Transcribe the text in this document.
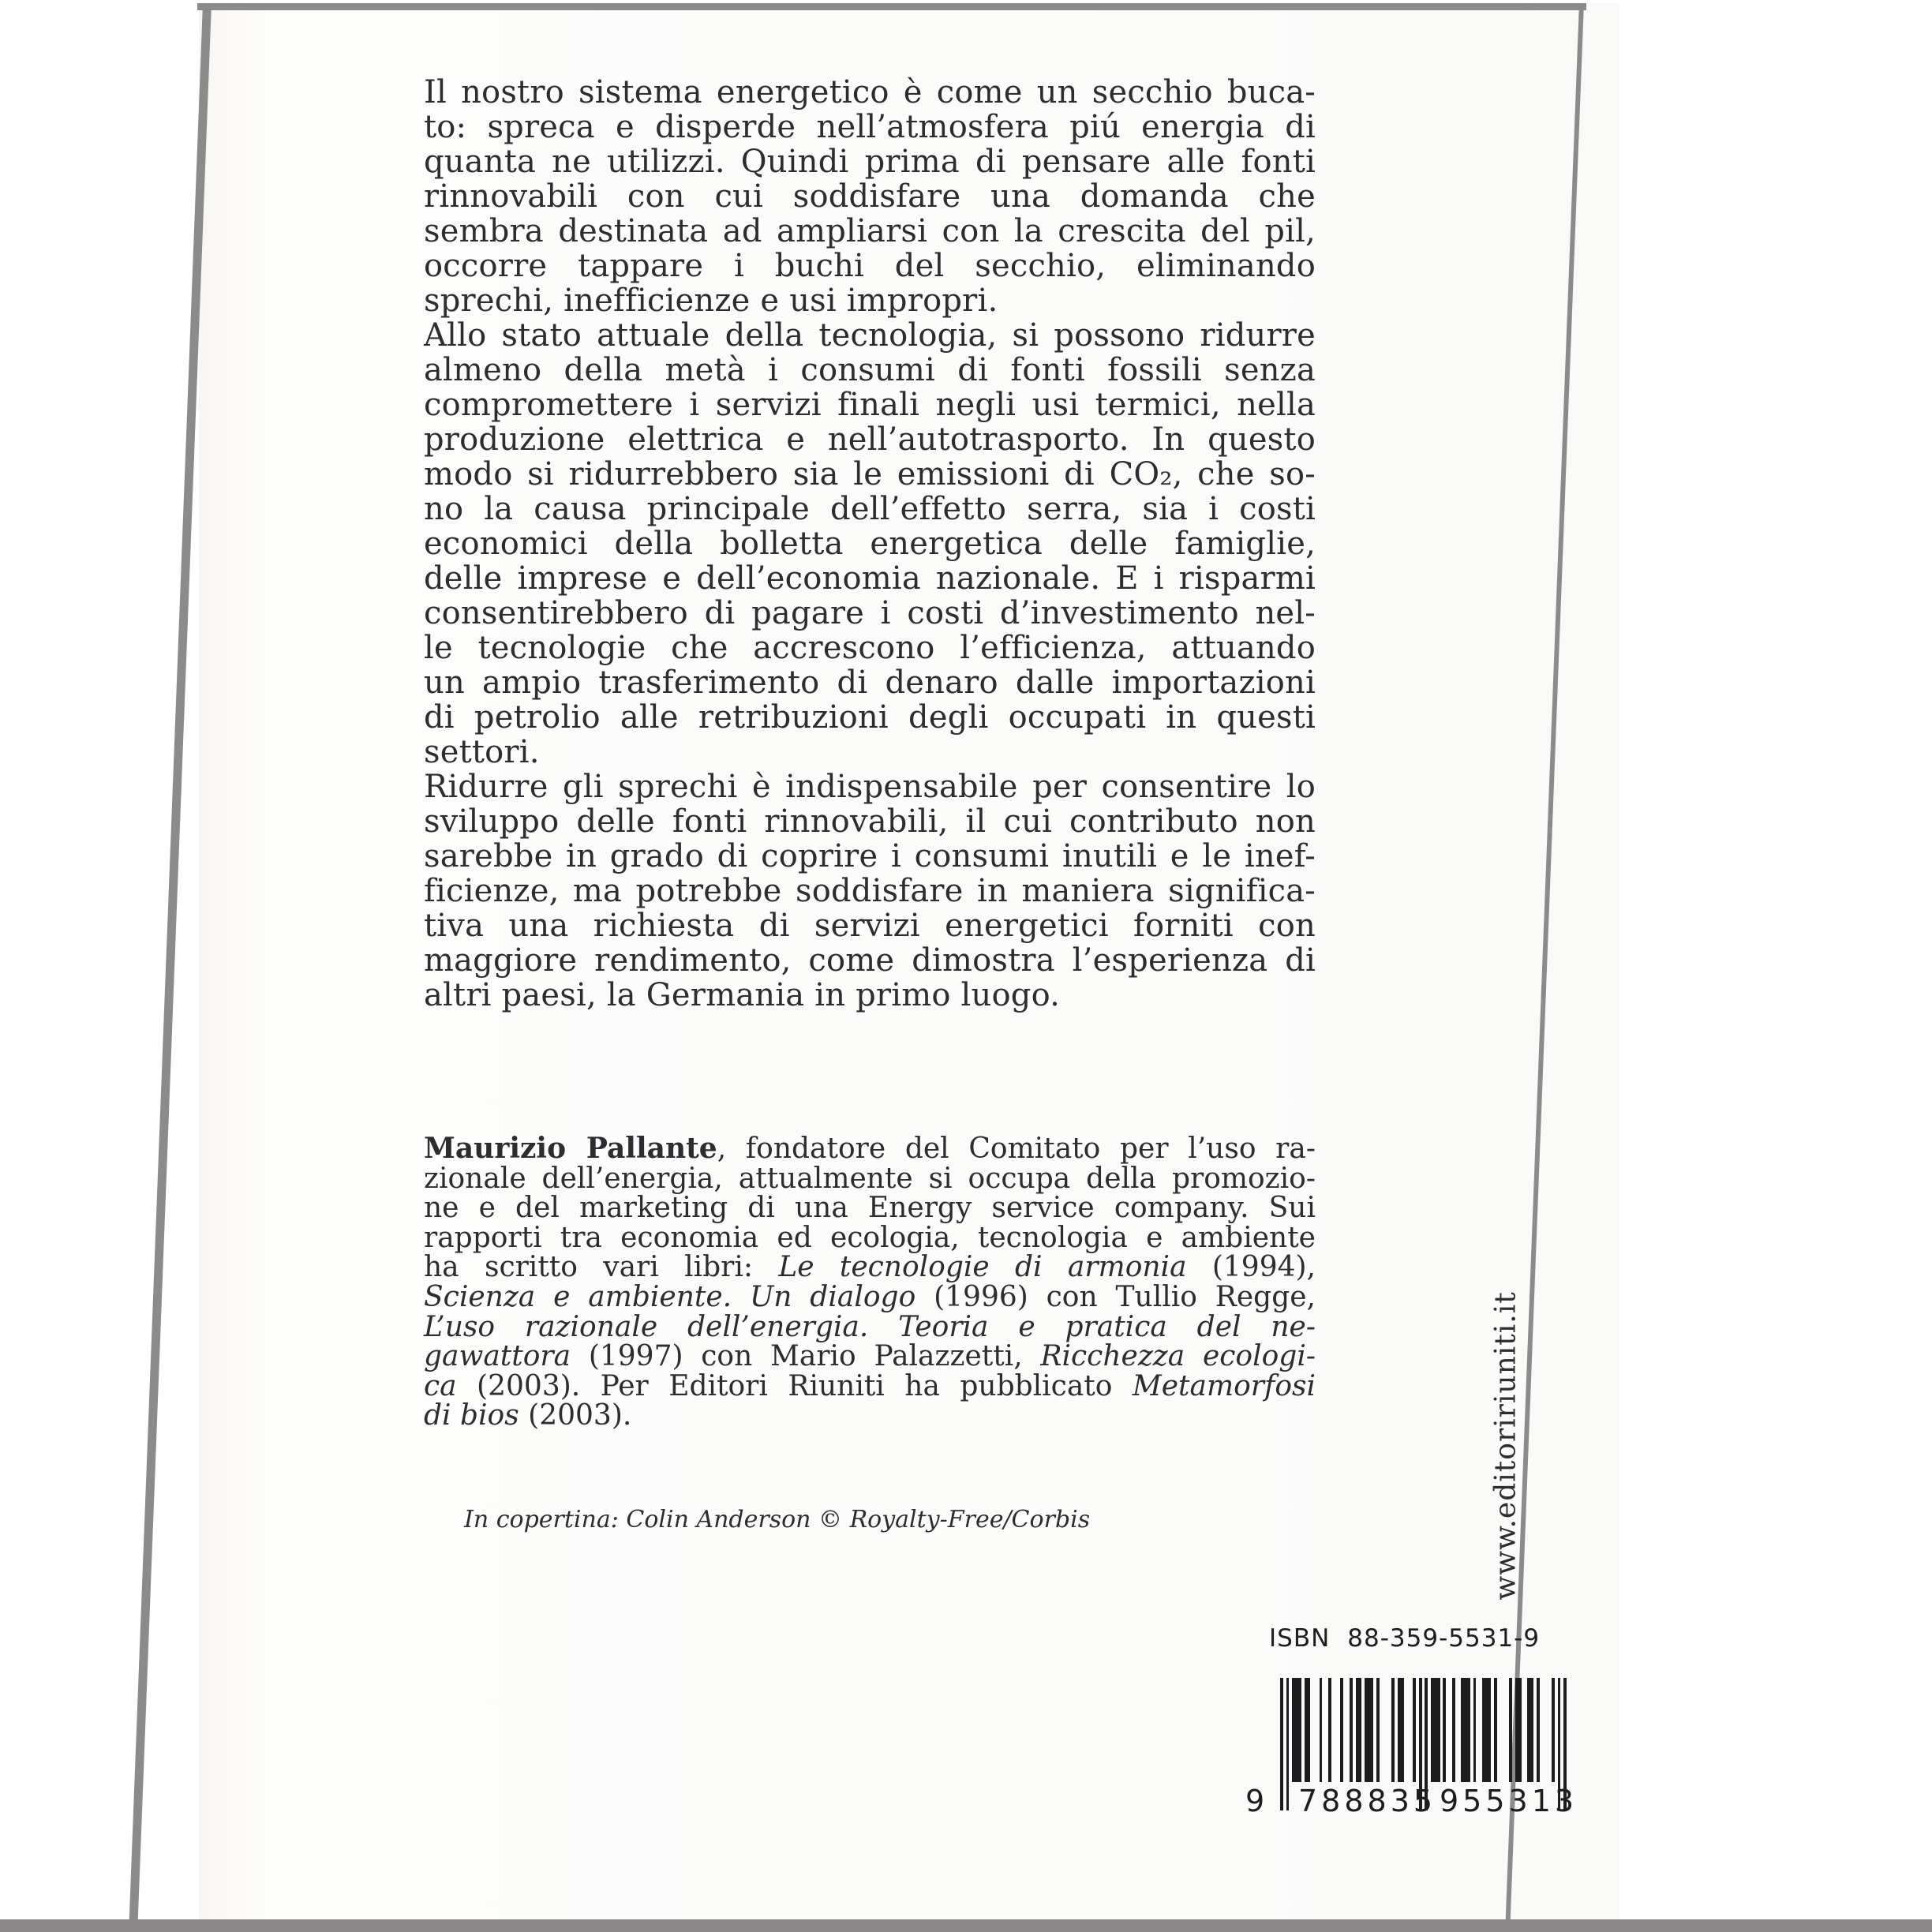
Il nostro sistema energetico è come un secchio buca-
to: spreca e disperde nell’atmosfera piú energia di
quanta ne utilizzi. Quindi prima di pensare alle fonti
rinnovabili con cui soddisfare una domanda che
sembra destinata ad ampliarsi con la crescita del pil,
occorre tappare i buchi del secchio, eliminando
sprechi, inefficienze e usi impropri.
Allo stato attuale della tecnologia, si possono ridurre
almeno della metà i consumi di fonti fossili senza
compromettere i servizi finali negli usi termici, nella
produzione elettrica e nell’autotrasporto. In questo
modo si ridurrebbero sia le emissioni di CO₂, che so-
no la causa principale dell’effetto serra, sia i costi
economici della bolletta energetica delle famiglie,
delle imprese e dell’economia nazionale. E i risparmi
consentirebbero di pagare i costi d’investimento nel-
le tecnologie che accrescono l’efficienza, attuando
un ampio trasferimento di denaro dalle importazioni
di petrolio alle retribuzioni degli occupati in questi
settori.
Ridurre gli sprechi è indispensabile per consentire lo
sviluppo delle fonti rinnovabili, il cui contributo non
sarebbe in grado di coprire i consumi inutili e le inef-
ficienze, ma potrebbe soddisfare in maniera significa-
tiva una richiesta di servizi energetici forniti con
maggiore rendimento, come dimostra l’esperienza di
altri paesi, la Germania in primo luogo.
Maurizio Pallante, fondatore del Comitato per l’uso ra-
zionale dell’energia, attualmente si occupa della promozio-
ne e del marketing di una Energy service company. Sui
rapporti tra economia ed ecologia, tecnologia e ambiente
ha scritto vari libri: Le tecnologie di armonia (1994),
Scienza e ambiente. Un dialogo (1996) con Tullio Regge,
L’uso razionale dell’energia. Teoria e pratica del ne-
gawattora (1997) con Mario Palazzetti, Ricchezza ecologi-
ca (2003). Per Editori Riuniti ha pubblicato Metamorfosi
di bios (2003).
In copertina: Colin Anderson © Royalty-Free/Corbis	www.editoririuniti.it
ISBN 88-359-5531-9
9 788835 955313
